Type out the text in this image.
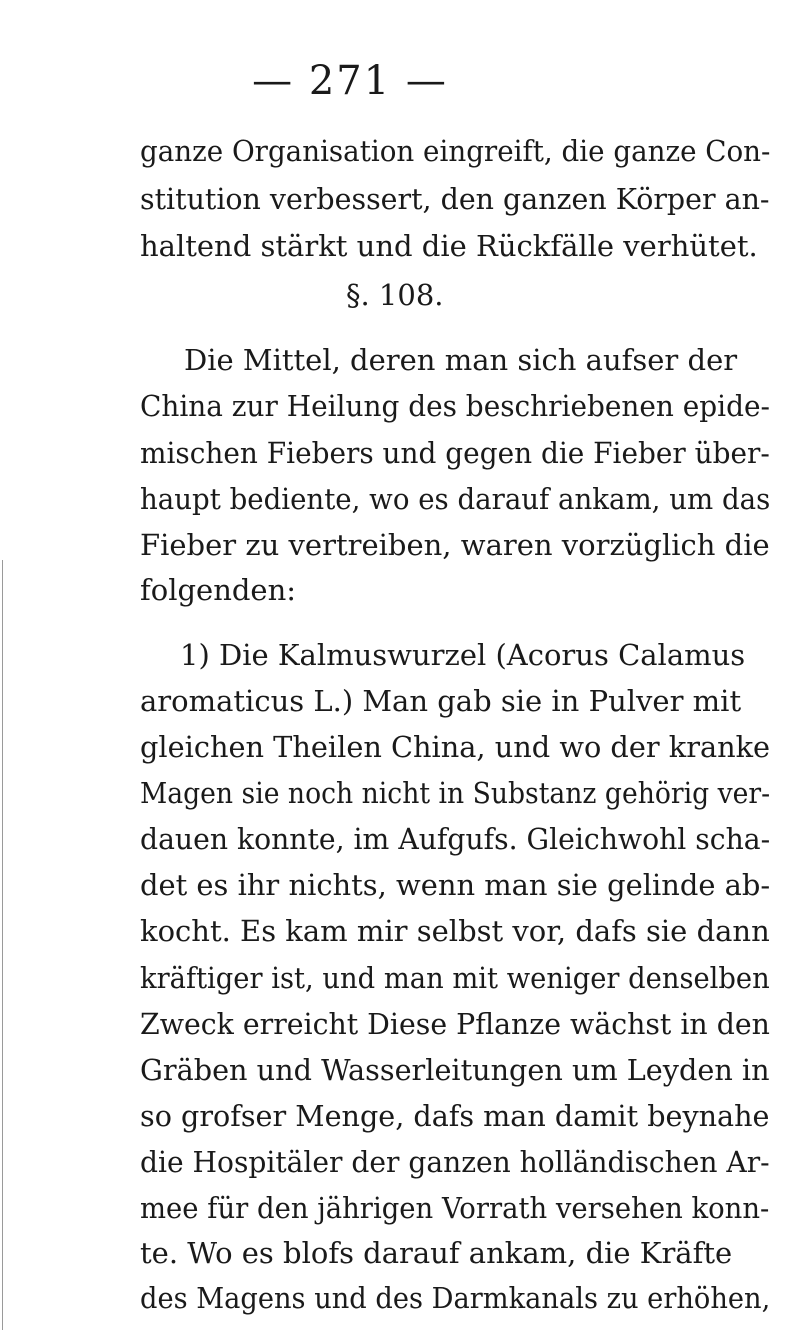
— 271 —
ganze Organisation eingreift, die ganze Con-
stitution verbessert, den ganzen Körper an-
haltend stärkt und die Rückfälle verhütet.
§. 108.
Die Mittel, deren man sich aufser der
China zur Heilung des beschriebenen epide-
mischen Fiebers und gegen die Fieber über-
haupt bediente, wo es darauf ankam, um das
Fieber zu vertreiben, waren vorzüglich die
folgenden:
1) Die Kalmuswurzel (Acorus Calamus
aromaticus L.) Man gab sie in Pulver mit
gleichen Theilen China, und wo der kranke
Magen sie noch nicht in Substanz gehörig ver-
dauen konnte, im Aufgufs. Gleichwohl scha-
det es ihr nichts, wenn man sie gelinde ab-
kocht. Es kam mir selbst vor, dafs sie dann
kräftiger ist, und man mit weniger denselben
Zweck erreicht Diese Pflanze wächst in den
Gräben und Wasserleitungen um Leyden in
so grofser Menge, dafs man damit beynahe
die Hospitäler der ganzen holländischen Ar-
mee für den jährigen Vorrath versehen konn-
te. Wo es blofs darauf ankam, die Kräfte
des Magens und des Darmkanals zu erhöhen,
